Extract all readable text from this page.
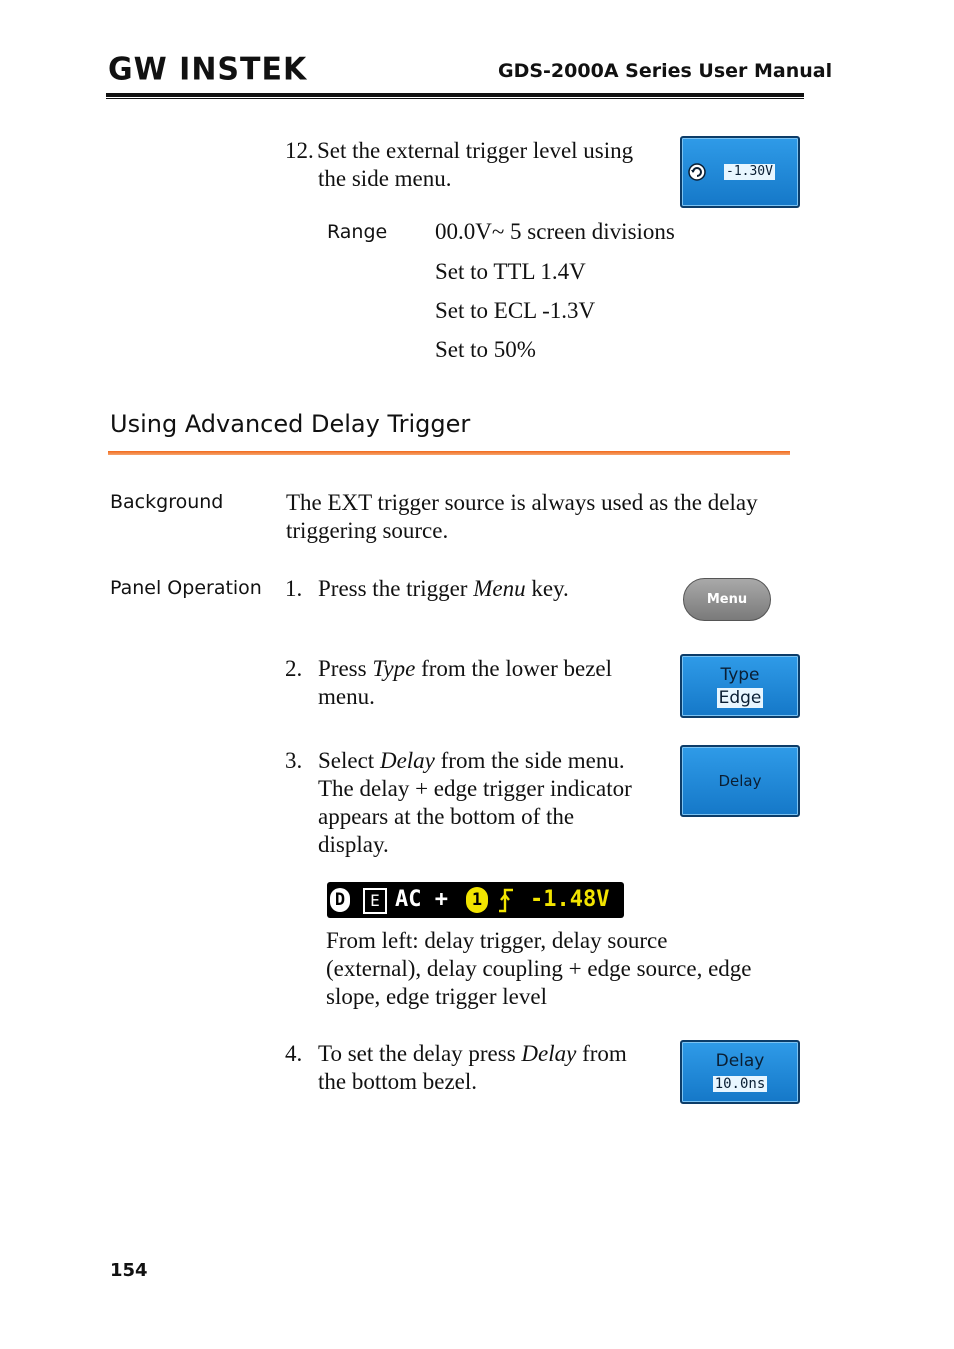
GW INSTEK	GDS-2000A Series User Manual
12. Set the external trigger level using
the side menu.	-1.30V
Range 00.0V~ 5 screen divisions
Set to TTL 1.4V
Set to ECL -1.3V
Set to 50%
Using Advanced Delay Trigger
Background	The EXT trigger source is always used as the delay
triggering source.
Panel Operation 1. Press the trigger Menu key.	Menu
2. Press Type from the lower bezel
menu.
Type
Edge
3. Select Delay from the side menu.
The delay + edge trigger indicator
appears at the bottom of the
display.
Delay
D	E AC +	1 -1.48V
From left: delay trigger, delay source
(external), delay coupling + edge source, edge
slope, edge trigger level
4. To set the delay press Delay from
the bottom bezel.
Delay
10.0ns
154
